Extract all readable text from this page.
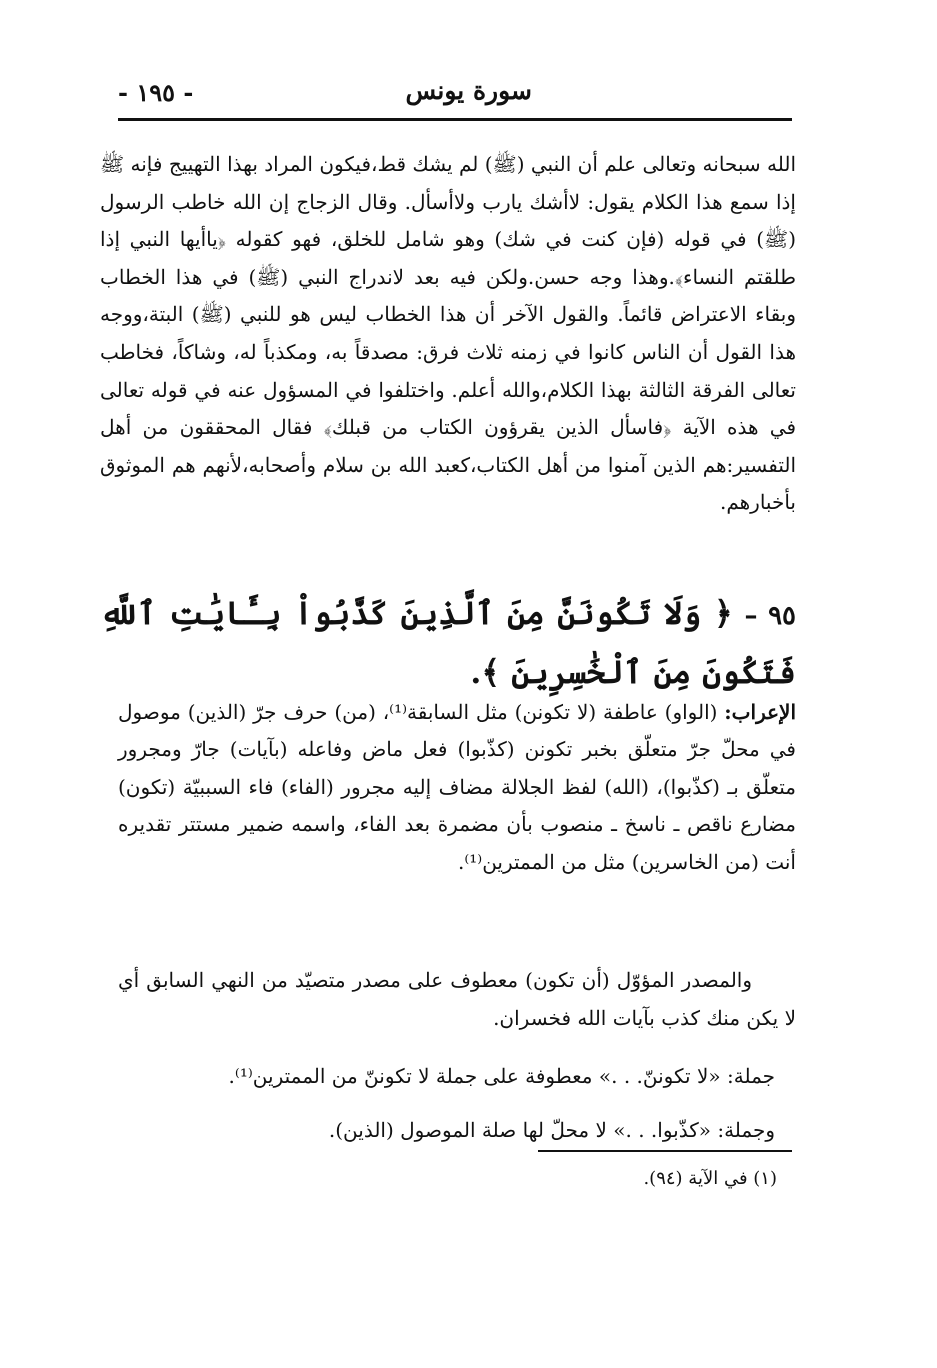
سورة يونس
- ١٩٥ -

الله سبحانه وتعالى علم أن النبي (ﷺ) لم يشك قط،فيكون المراد بهذا التهييج فإنه ﷺ إذا سمع هذا الكلام يقول: لاأشك يارب ولاأسأل. وقال الزجاج إن الله خاطب الرسول (ﷺ) في قوله (فإن كنت في شك) وهو شامل للخلق، فهو كقوله ﴿ياأيها النبي إذا طلقتم النساء﴾.وهذا وجه حسن.ولكن فيه بعد لاندراج النبي (ﷺ) في هذا الخطاب وبقاء الاعتراض قائماً. والقول الآخر أن هذا الخطاب ليس هو للنبي (ﷺ) البتة،ووجه هذا القول أن الناس كانوا في زمنه ثلاث فرق: مصدقاً به، ومكذباً له، وشاكاً، فخاطب تعالى الفرقة الثالثة بهذا الكلام،والله أعلم. واختلفوا في المسؤول عنه في قوله تعالى في هذه الآية ﴿فاسأل الذين يقرؤون الكتاب من قبلك﴾ فقال المحققون من أهل التفسير:هم الذين آمنوا من أهل الكتاب،كعبد الله بن سلام وأصحابه،لأنهم هم الموثوق بأخبارهم.

٩٥ – ﴿ وَلَا تَكُونَنَّ مِنَ ٱلَّذِينَ كَذَّبُواْ بِـَٔايَٰتِ ٱللَّهِ فَتَكُونَ مِنَ ٱلْخَٰسِرِينَ ﴾.
الإعراب: (الواو) عاطفة (لا تكونن) مثل السابقة⁽¹⁾، (من) حرف جرّ (الذين) موصول في محلّ جرّ متعلّق بخبر تكونن (كذّبوا) فعل ماض وفاعله (بآيات) جارّ ومجرور متعلّق بـ (كذّبوا)، (الله) لفظ الجلالة مضاف إليه مجرور (الفاء) فاء السببيّة (تكون) مضارع ناقص ـ ناسخ ـ منصوب بأن مضمرة بعد الفاء، واسمه ضمير مستتر تقديره أنت (من الخاسرين) مثل من الممترين⁽¹⁾.
والمصدر المؤوّل (أن تكون) معطوف على مصدر متصيّد من النهي السابق أي لا يكن منك كذب بآيات الله فخسران.
جملة: «لا تكوننّ. . .» معطوفة على جملة لا تكوننّ من الممترين⁽¹⁾.
وجملة: «كذّبوا. . .» لا محلّ لها صلة الموصول (الذين).
(١) في الآية (٩٤).
